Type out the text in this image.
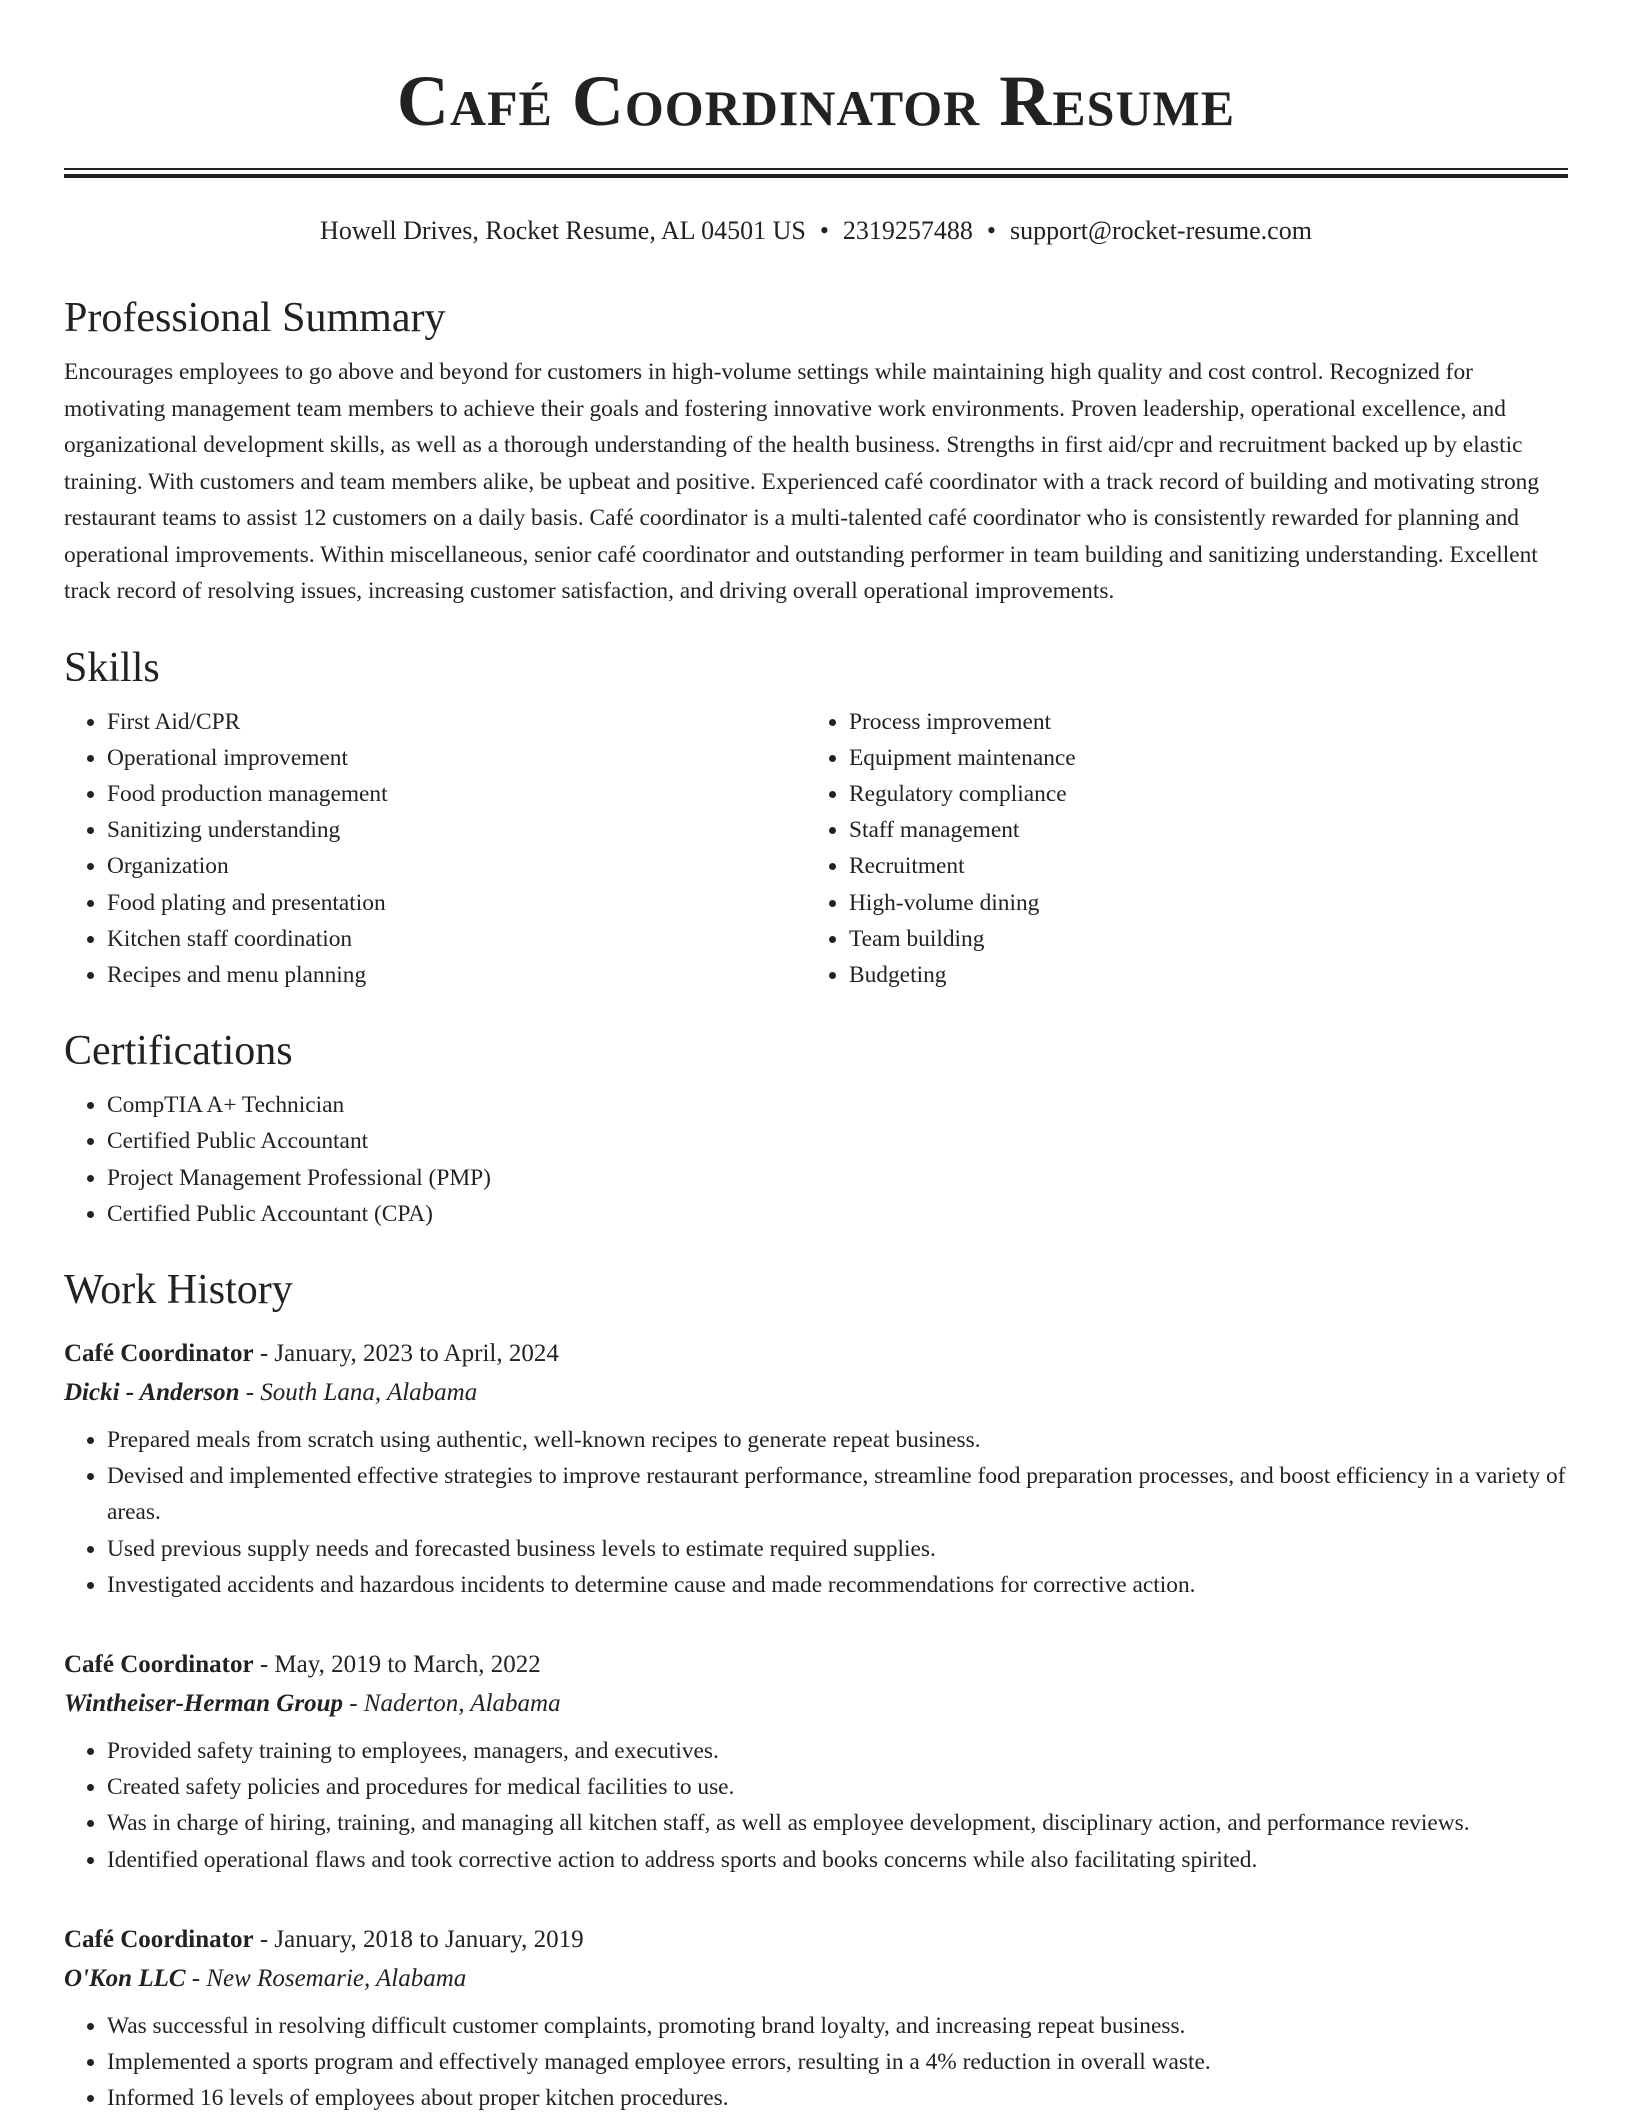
Café Coordinator Resume
Howell Drives, Rocket Resume, AL 04501 US • 2319257488 • support@rocket-resume.com
Professional Summary

Encourages employees to go above and beyond for customers in high-volume settings while maintaining high quality and cost control. Recognized for motivating management team members to achieve their goals and fostering innovative work environments. Proven leadership, operational excellence, and organizational development skills, as well as a thorough understanding of the health business. Strengths in first aid/cpr and recruitment backed up by elastic training. With customers and team members alike, be upbeat and positive. Experienced café coordinator with a track record of building and motivating strong restaurant teams to assist 12 customers on a daily basis. Café coordinator is a multi-talented café coordinator who is consistently rewarded for planning and operational improvements. Within miscellaneous, senior café coordinator and outstanding performer in team building and sanitizing understanding. Excellent track record of resolving issues, increasing customer satisfaction, and driving overall operational improvements.

Skills
• First Aid/CPR
• Operational improvement
• Food production management
• Sanitizing understanding
• Organization
• Food plating and presentation
• Kitchen staff coordination
• Recipes and menu planning
• Process improvement
• Equipment maintenance
• Regulatory compliance
• Staff management
• Recruitment
• High-volume dining
• Team building
• Budgeting
Certifications
• CompTIA A+ Technician
• Certified Public Accountant
• Project Management Professional (PMP)
• Certified Public Accountant (CPA)
Work History
Café Coordinator - January, 2023 to April, 2024
Dicki - Anderson - South Lana, Alabama
• Prepared meals from scratch using authentic, well-known recipes to generate repeat business.
• Devised and implemented effective strategies to improve restaurant performance, streamline food preparation processes, and boost efficiency in a variety of areas.
• Used previous supply needs and forecasted business levels to estimate required supplies.
• Investigated accidents and hazardous incidents to determine cause and made recommendations for corrective action.
Café Coordinator - May, 2019 to March, 2022
Wintheiser-Herman Group - Naderton, Alabama
• Provided safety training to employees, managers, and executives.
• Created safety policies and procedures for medical facilities to use.
• Was in charge of hiring, training, and managing all kitchen staff, as well as employee development, disciplinary action, and performance reviews.
• Identified operational flaws and took corrective action to address sports and books concerns while also facilitating spirited.
Café Coordinator - January, 2018 to January, 2019
O'Kon LLC - New Rosemarie, Alabama
• Was successful in resolving difficult customer complaints, promoting brand loyalty, and increasing repeat business.
• Implemented a sports program and effectively managed employee errors, resulting in a 4% reduction in overall waste.
• Informed 16 levels of employees about proper kitchen procedures.
